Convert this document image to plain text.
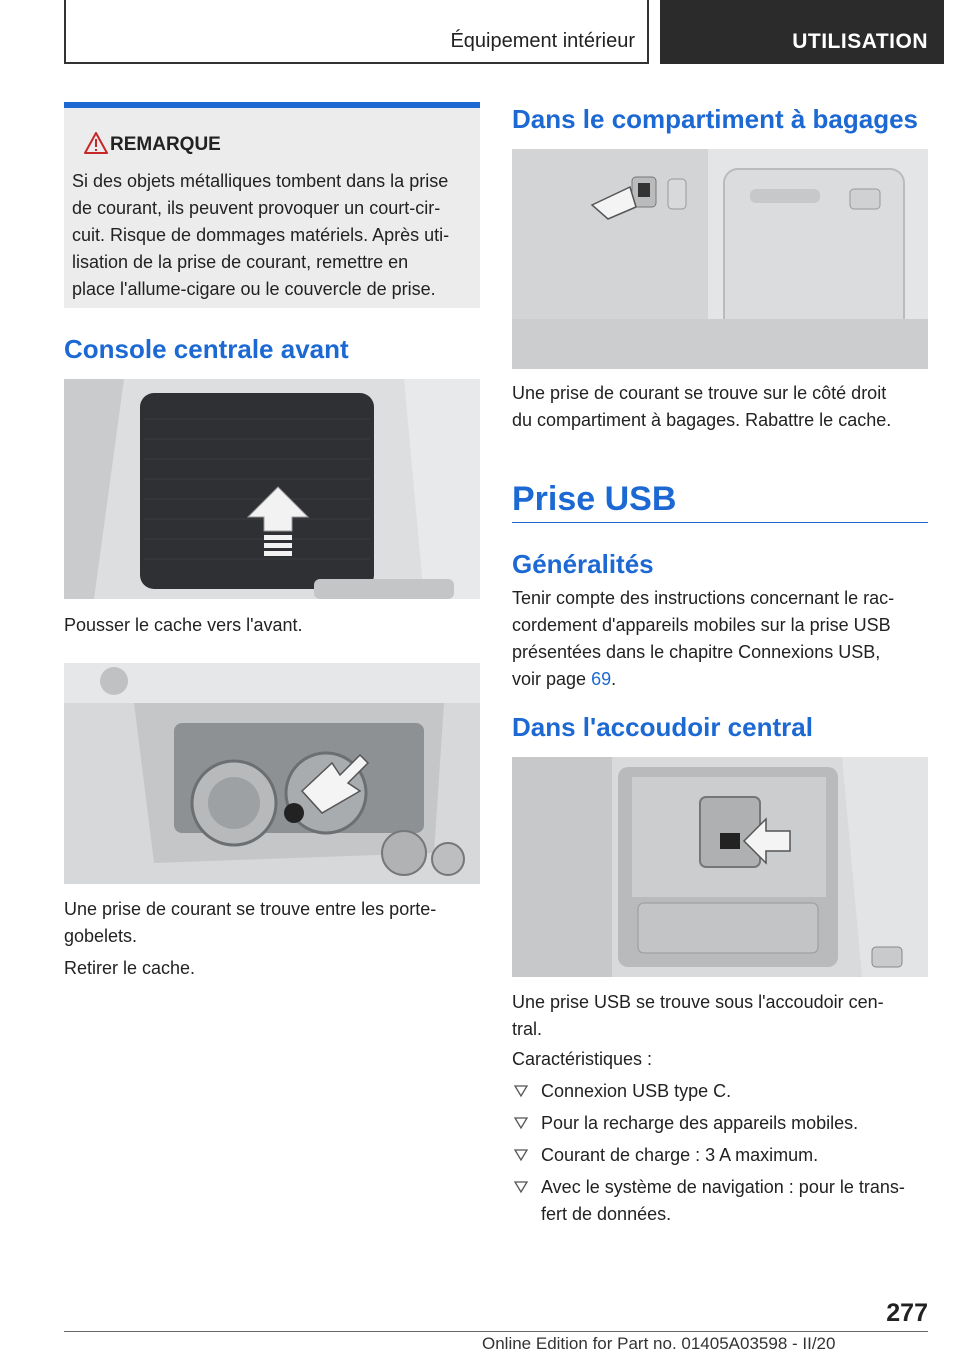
Équipement intérieur	UTILISATION
REMARQUE
Si des objets métalliques tombent dans la prise
de courant, ils peuvent provoquer un court-cir‐
cuit. Risque de dommages matériels. Après uti‐
lisation de la prise de courant, remettre en
place l'allume-cigare ou le couvercle de prise.
Console centrale avant
Pousser le cache vers l'avant.
Une prise de courant se trouve entre les porte‐
gobelets.
Retirer le cache.
Dans le compartiment à bagages
Une prise de courant se trouve sur le côté droit
du compartiment à bagages. Rabattre le cache.
Prise USB
Généralités
Tenir compte des instructions concernant le rac‐
cordement d'appareils mobiles sur la prise USB
présentées dans le chapitre Connexions USB,
voir page 69.
Dans l'accoudoir central
Une prise USB se trouve sous l'accoudoir cen‐
tral.
Caractéristiques :
Connexion USB type C.
Pour la recharge des appareils mobiles.
Courant de charge : 3 A maximum.
Avec le système de navigation : pour le trans‐
fert de données.
277
Online Edition for Part no. 01405A03598 - II/20
